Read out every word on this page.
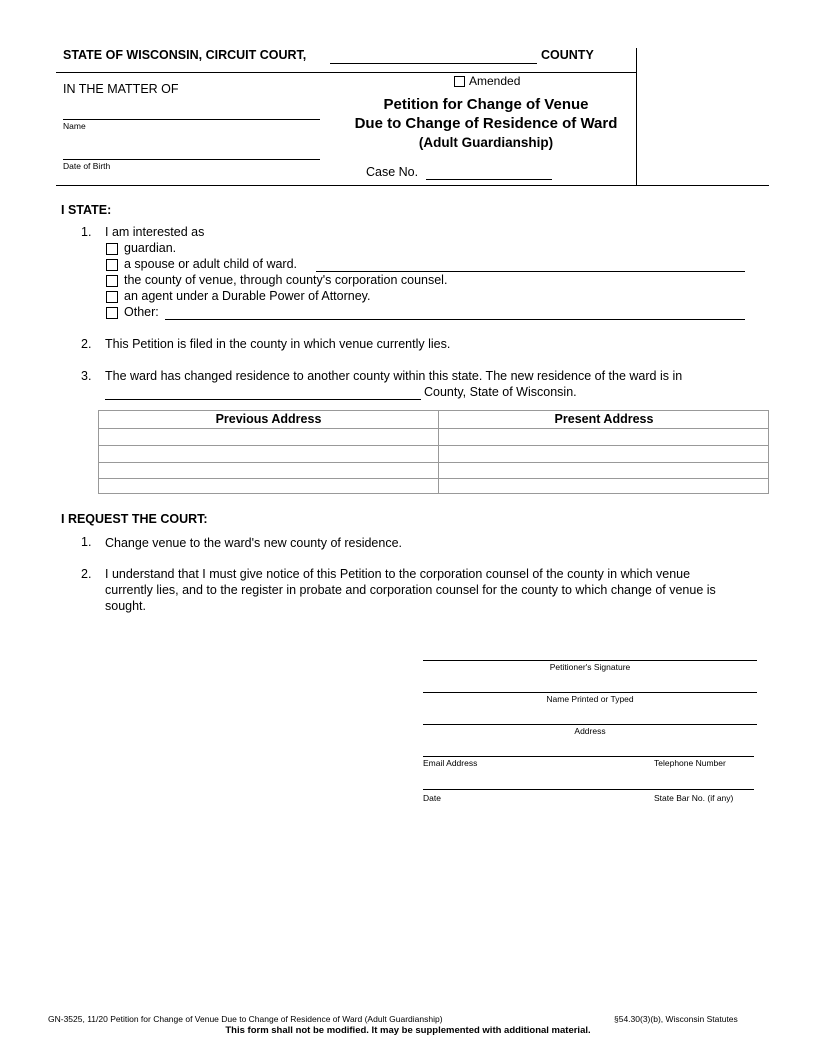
STATE OF WISCONSIN, CIRCUIT COURT,	COUNTY
IN THE MATTER OF
Name
Date of Birth
Amended
Petition for Change of Venue
Due to Change of Residence of Ward
(Adult Guardianship)
Case No.
I STATE:
1. I am interested as
guardian.
a spouse or adult child of ward.
the county of venue, through county's corporation counsel.
an agent under a Durable Power of Attorney.
Other:
2. This Petition is filed in the county in which venue currently lies.
3. The ward has changed residence to another county within this state. The new residence of the ward is in
County, State of Wisconsin.
Previous Address	Present Address
I REQUEST THE COURT:
1. Change venue to the ward's new county of residence.
2. I understand that I must give notice of this Petition to the corporation counsel of the county in which venue
currently lies, and to the register in probate and corporation counsel for the county to which change of venue is
sought.
Petitioner's Signature
Name Printed or Typed
Address
Email Address	Telephone Number
Date	State Bar No. (if any)
GN-3525, 11/20 Petition for Change of Venue Due to Change of Residence of Ward (Adult Guardianship)	§54.30(3)(b), Wisconsin Statutes
This form shall not be modified. It may be supplemented with additional material.
